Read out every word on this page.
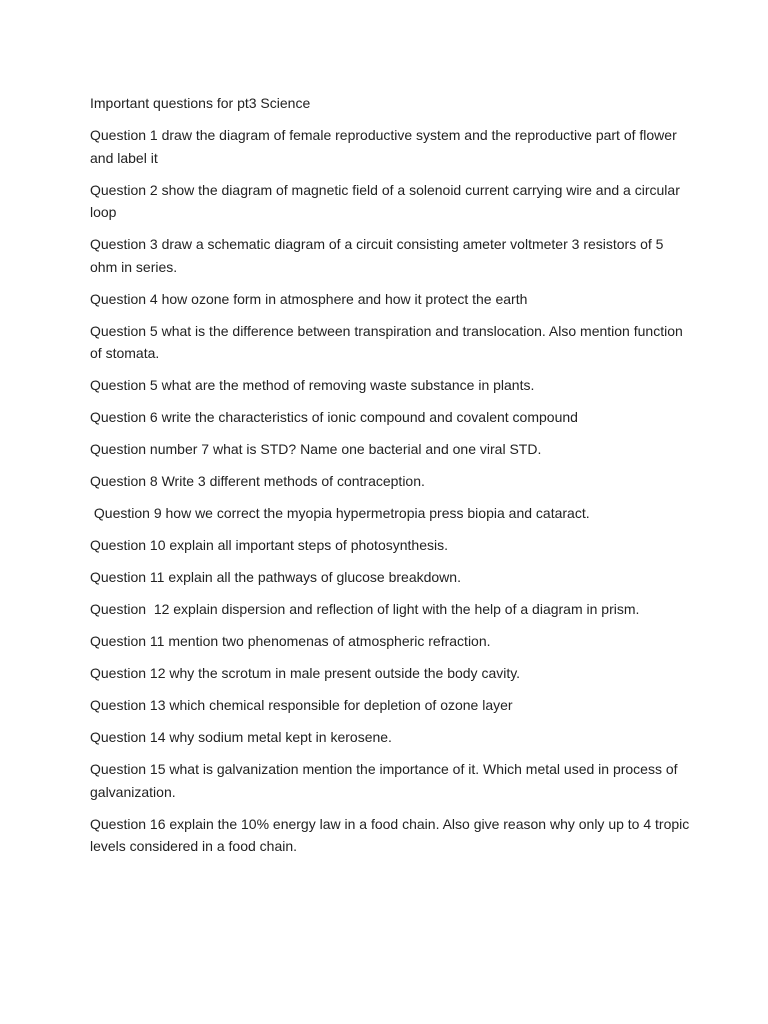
Important questions for pt3 Science

Question 1 draw the diagram of female reproductive system and the reproductive part of flower and label it

Question 2 show the diagram of magnetic field of a solenoid current carrying wire and a circular loop

Question 3 draw a schematic diagram of a circuit consisting ameter voltmeter 3 resistors of 5 ohm in series.

Question 4 how ozone form in atmosphere and how it protect the earth

Question 5 what is the difference between transpiration and translocation. Also mention function of stomata.

Question 5 what are the method of removing waste substance in plants.

Question 6 write the characteristics of ionic compound and covalent compound

Question number 7 what is STD? Name one bacterial and one viral STD.

Question 8 Write 3 different methods of contraception.

Question 9 how we correct the myopia hypermetropia press biopia and cataract.

Question 10 explain all important steps of photosynthesis.

Question 11 explain all the pathways of glucose breakdown.

Question  12 explain dispersion and reflection of light with the help of a diagram in prism.

Question 11 mention two phenomenas of atmospheric refraction.

Question 12 why the scrotum in male present outside the body cavity.

Question 13 which chemical responsible for depletion of ozone layer

Question 14 why sodium metal kept in kerosene.

Question 15 what is galvanization mention the importance of it. Which metal used in process of galvanization.

Question 16 explain the 10% energy law in a food chain. Also give reason why only up to 4 tropic levels considered in a food chain.
